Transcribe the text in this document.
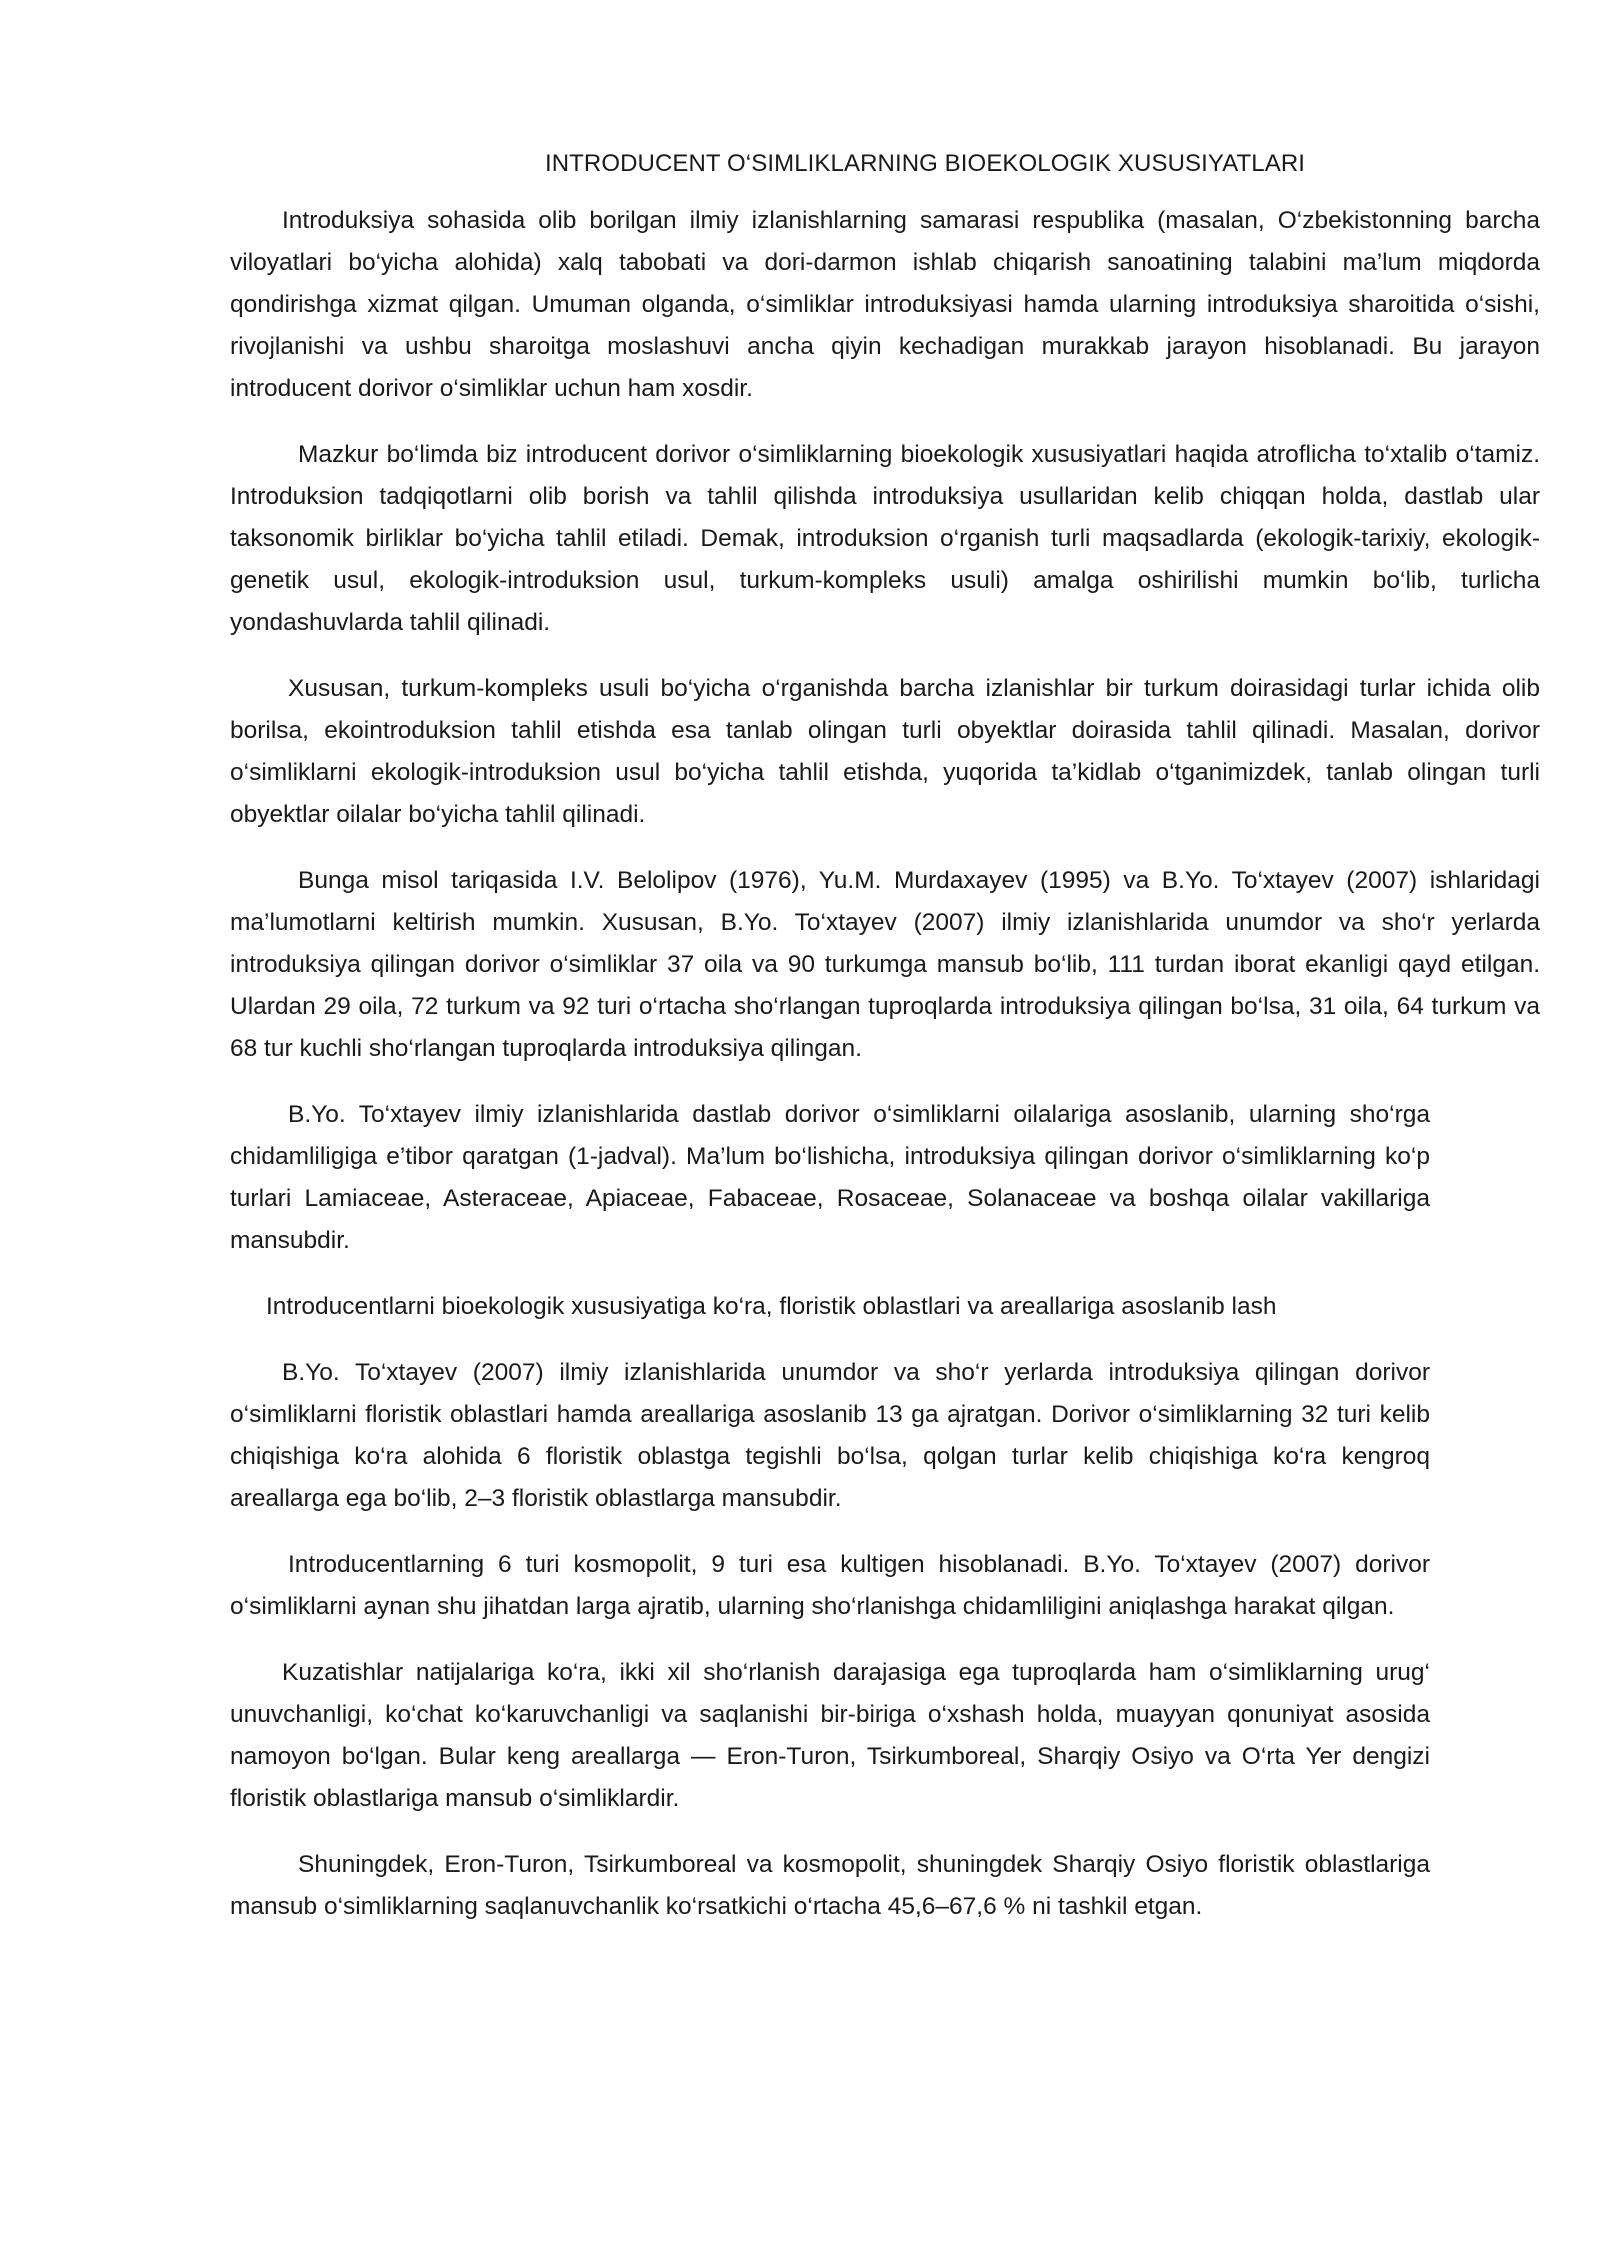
INTRODUCENT O‘SIMLIKLARNING BIOEKOLOGIK XUSUSIYATLARI

Introduksiya sohasida olib borilgan ilmiy izlanishlarning samarasi respublika (masalan, O‘zbekistonning barcha viloyatlari bo‘yicha alohida) xalq tabobati va dori-darmon ishlab chiqarish sanoatining talabini ma’lum miqdorda qondirishga xizmat qilgan. Umuman olganda, o‘simliklar introduksiyasi hamda ularning introduksiya sharoitida o‘sishi, rivojlanishi va ushbu sharoitga moslashuvi ancha qiyin kechadigan murakkab jarayon hisoblanadi. Bu jarayon introducent dorivor o‘simliklar uchun ham xosdir.

Mazkur bo‘limda biz introducent dorivor o‘simliklarning bioekologik xususiyatlari haqida atroflicha to‘xtalib o‘tamiz. Introduksion tadqiqotlarni olib borish va tahlil qilishda introduksiya usullaridan kelib chiqqan holda, dastlab ular taksonomik birliklar bo‘yicha tahlil etiladi. Demak, introduksion o‘rganish turli maqsadlarda (ekologik-tarixiy, ekologik-genetik usul, ekologik-introduksion usul, turkum-kompleks usuli) amalga oshirilishi mumkin bo‘lib, turlicha yondashuvlarda tahlil qilinadi.

Xususan, turkum-kompleks usuli bo‘yicha o‘rganishda barcha izlanishlar bir turkum doirasidagi turlar ichida olib borilsa, ekointroduksion tahlil etishda esa tanlab olingan turli obyektlar doirasida tahlil qilinadi. Masalan, dorivor o‘simliklarni ekologik-introduksion usul bo‘yicha tahlil etishda, yuqorida ta’kidlab o‘tganimizdek, tanlab olingan turli obyektlar oilalar bo‘yicha tahlil qilinadi.

Bunga misol tariqasida I.V. Belolipov (1976), Yu.M. Murdaxayev (1995) va B.Yo. To‘xtayev (2007) ishlaridagi ma’lumotlarni keltirish mumkin. Xususan, B.Yo. To‘xtayev (2007) ilmiy izlanishlarida unumdor va sho‘r yerlarda introduksiya qilingan dorivor o‘simliklar 37 oila va 90 turkumga mansub bo‘lib, 111 turdan iborat ekanligi qayd etilgan. Ulardan 29 oila, 72 turkum va 92 turi o‘rtacha sho‘rlangan tuproqlarda introduksiya qilingan bo‘lsa, 31 oila, 64 turkum va 68 tur kuchli sho‘rlangan tuproqlarda introduksiya qilingan.

B.Yo. To‘xtayev ilmiy izlanishlarida dastlab dorivor o‘simliklarni oilalariga asoslanib, ularning sho‘rga chidamliligiga e’tibor qaratgan (1-jadval). Ma’lum bo‘lishicha, introduksiya qilingan dorivor o‘simliklarning ko‘p turlari Lamiaceae, Asteraceae, Apiaceae, Fabaceae, Rosaceae, Solanaceae va boshqa oilalar vakillariga mansubdir.

Introducentlarni bioekologik xususiyatiga ko‘ra, floristik oblastlari va areallariga asoslanib lash

B.Yo. To‘xtayev (2007) ilmiy izlanishlarida unumdor va sho‘r yerlarda introduksiya qilingan dorivor o‘simliklarni floristik oblastlari hamda areallariga asoslanib 13 ga ajratgan. Dorivor o‘simliklarning 32 turi kelib chiqishiga ko‘ra alohida 6 floristik oblastga tegishli bo‘lsa, qolgan turlar kelib chiqishiga ko‘ra kengroq areallarga ega bo‘lib, 2–3 floristik oblastlarga mansubdir.

Introducentlarning 6 turi kosmopolit, 9 turi esa kultigen hisoblanadi. B.Yo. To‘xtayev (2007) dorivor o‘simliklarni aynan shu jihatdan larga ajratib, ularning sho‘rlanishga chidamliligini aniqlashga harakat qilgan.

Kuzatishlar natijalariga ko‘ra, ikki xil sho‘rlanish darajasiga ega tuproqlarda ham o‘simliklarning urug‘ unuvchanligi, ko‘chat ko‘karuvchanligi va saqlanishi bir-biriga o‘xshash holda, muayyan qonuniyat asosida namoyon bo‘lgan. Bular keng areallarga — Eron-Turon, Tsirkumboreal, Sharqiy Osiyo va O‘rta Yer dengizi floristik oblastlariga mansub o‘simliklardir.

Shuningdek, Eron-Turon, Tsirkumboreal va kosmopolit, shuningdek Sharqiy Osiyo floristik oblastlariga mansub o‘simliklarning saqlanuvchanlik ko‘rsatkichi o‘rtacha 45,6–67,6 % ni tashkil etgan.
